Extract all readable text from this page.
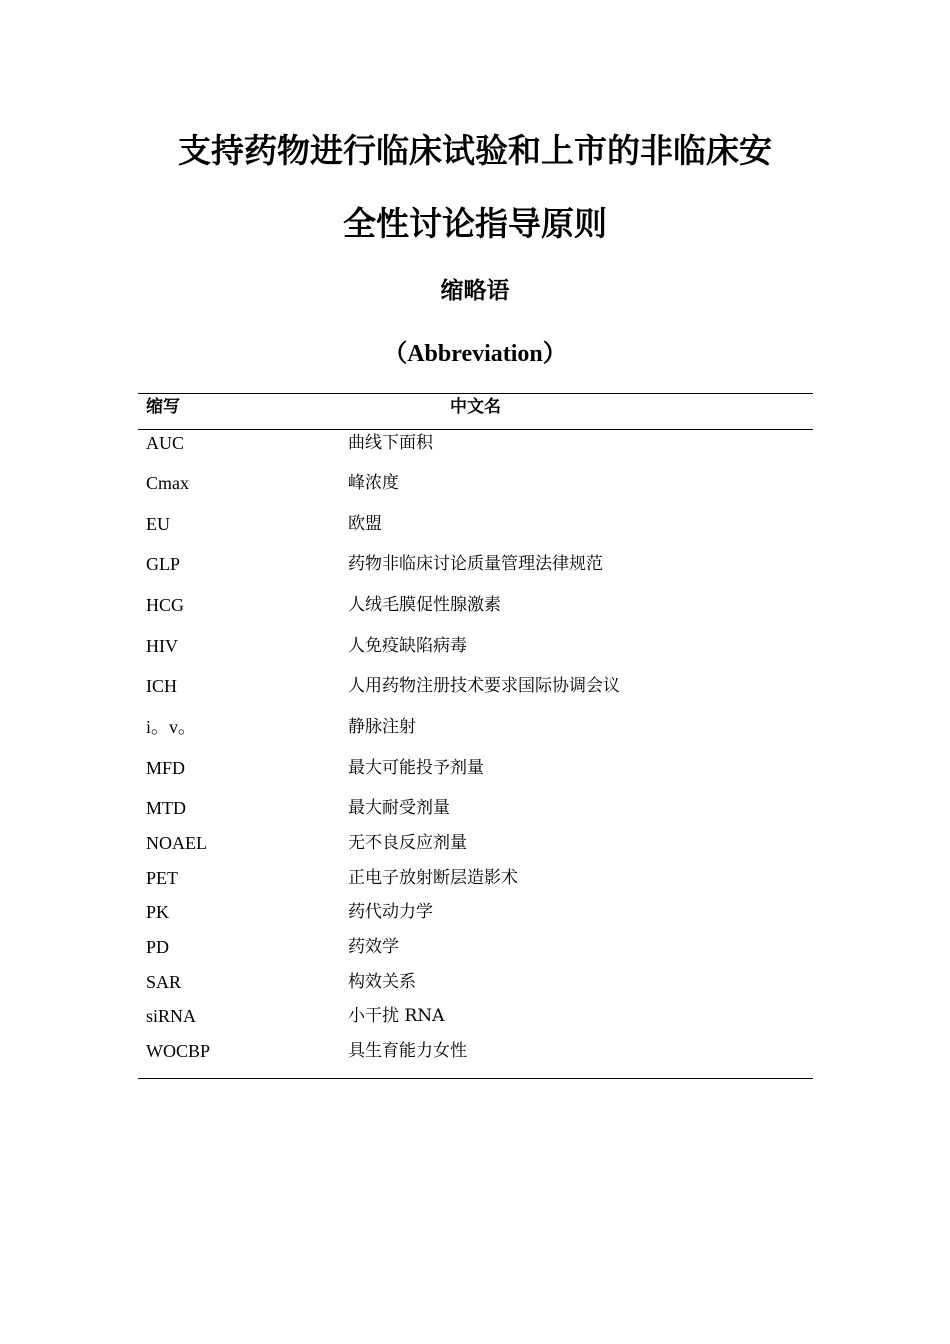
支持药物进行临床试验和上市的非临床安
全性讨论指导原则
缩略语
（Abbreviation）
缩写	中文名
AUC	曲线下面积
Cmax	峰浓度
EU	欧盟
GLP	药物非临床讨论质量管理法律规范
HCG	人绒毛膜促性腺激素
HIV	人免疫缺陷病毒
ICH	人用药物注册技术要求国际协调会议
i。v。	静脉注射
MFD	最大可能投予剂量
MTD	最大耐受剂量
NOAEL	无不良反应剂量
PET	正电子放射断层造影术
PK	药代动力学
PD	药效学
SAR	构效关系
siRNA	小干扰 RNA
WOCBP	具生育能力女性
